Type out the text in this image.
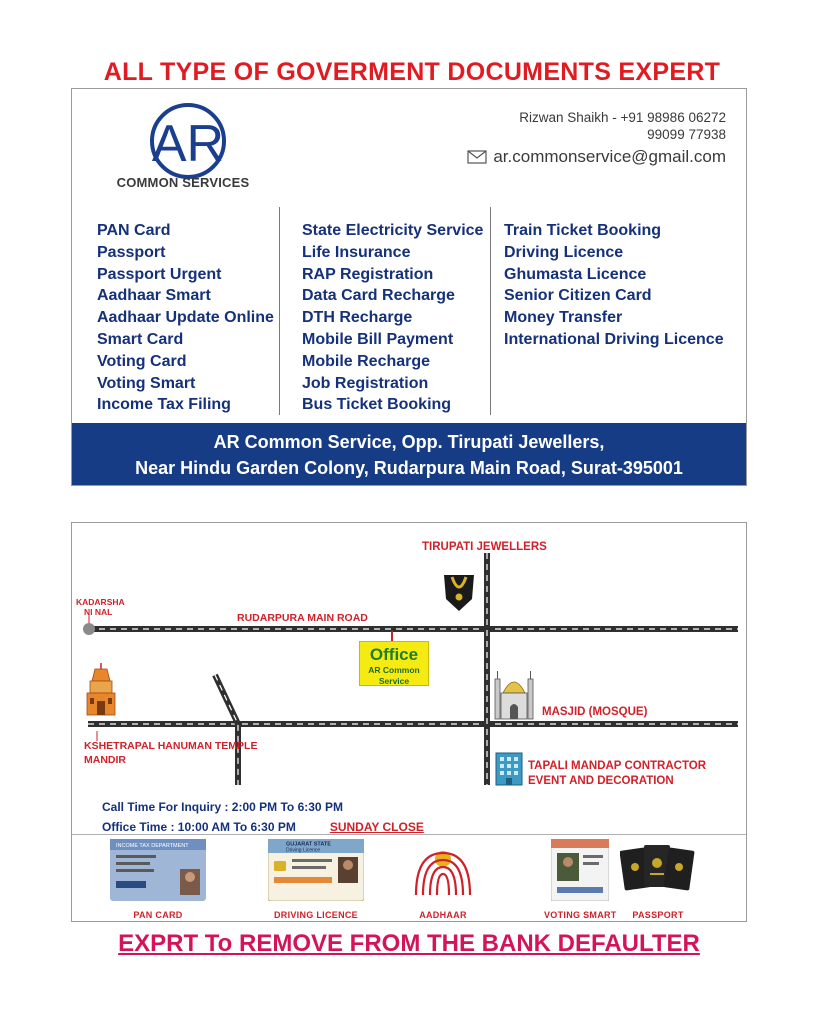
ALL TYPE OF GOVERMENT DOCUMENTS EXPERT
AR
COMMON SERVICES
Rizwan Shaikh - +91 98986 06272
99099 77938
ar.commonservice@gmail.com
PAN Card
Passport
Passport Urgent
Aadhaar Smart
Aadhaar Update Online
Smart Card
Voting Card
Voting Smart
Income Tax Filing
State Electricity Service
Life Insurance
RAP Registration
Data Card Recharge
DTH Recharge
Mobile Bill Payment
Mobile Recharge
Job Registration
Bus Ticket Booking
Train Ticket Booking
Driving Licence
Ghumasta Licence
Senior Citizen Card
Money Transfer
International Driving Licence
AR Common Service, Opp. Tirupati Jewellers,
Near Hindu Garden Colony, Rudarpura Main Road, Surat-395001
TIRUPATI JEWELLERS
KADARSHA
NI NAL	RUDARPURA MAIN ROAD
Office
AR Common Service
KSHETRAPAL HANUMAN TEMPLE
MANDIR
MASJID (MOSQUE)
TAPALI MANDAP CONTRACTOR
EVENT AND DECORATION
Call Time For Inquiry : 2:00 PM To 6:30 PM
Office Time : 10:00 AM To 6:30 PM	SUNDAY CLOSE
INCOME TAX DEPARTMENT
PAN CARD
GUJARAT STATE
Driving Licence
DRIVING LICENCE	AADHAAR	VOTING SMART	PASSPORT
EXPRT To REMOVE FROM THE BANK DEFAULTER
